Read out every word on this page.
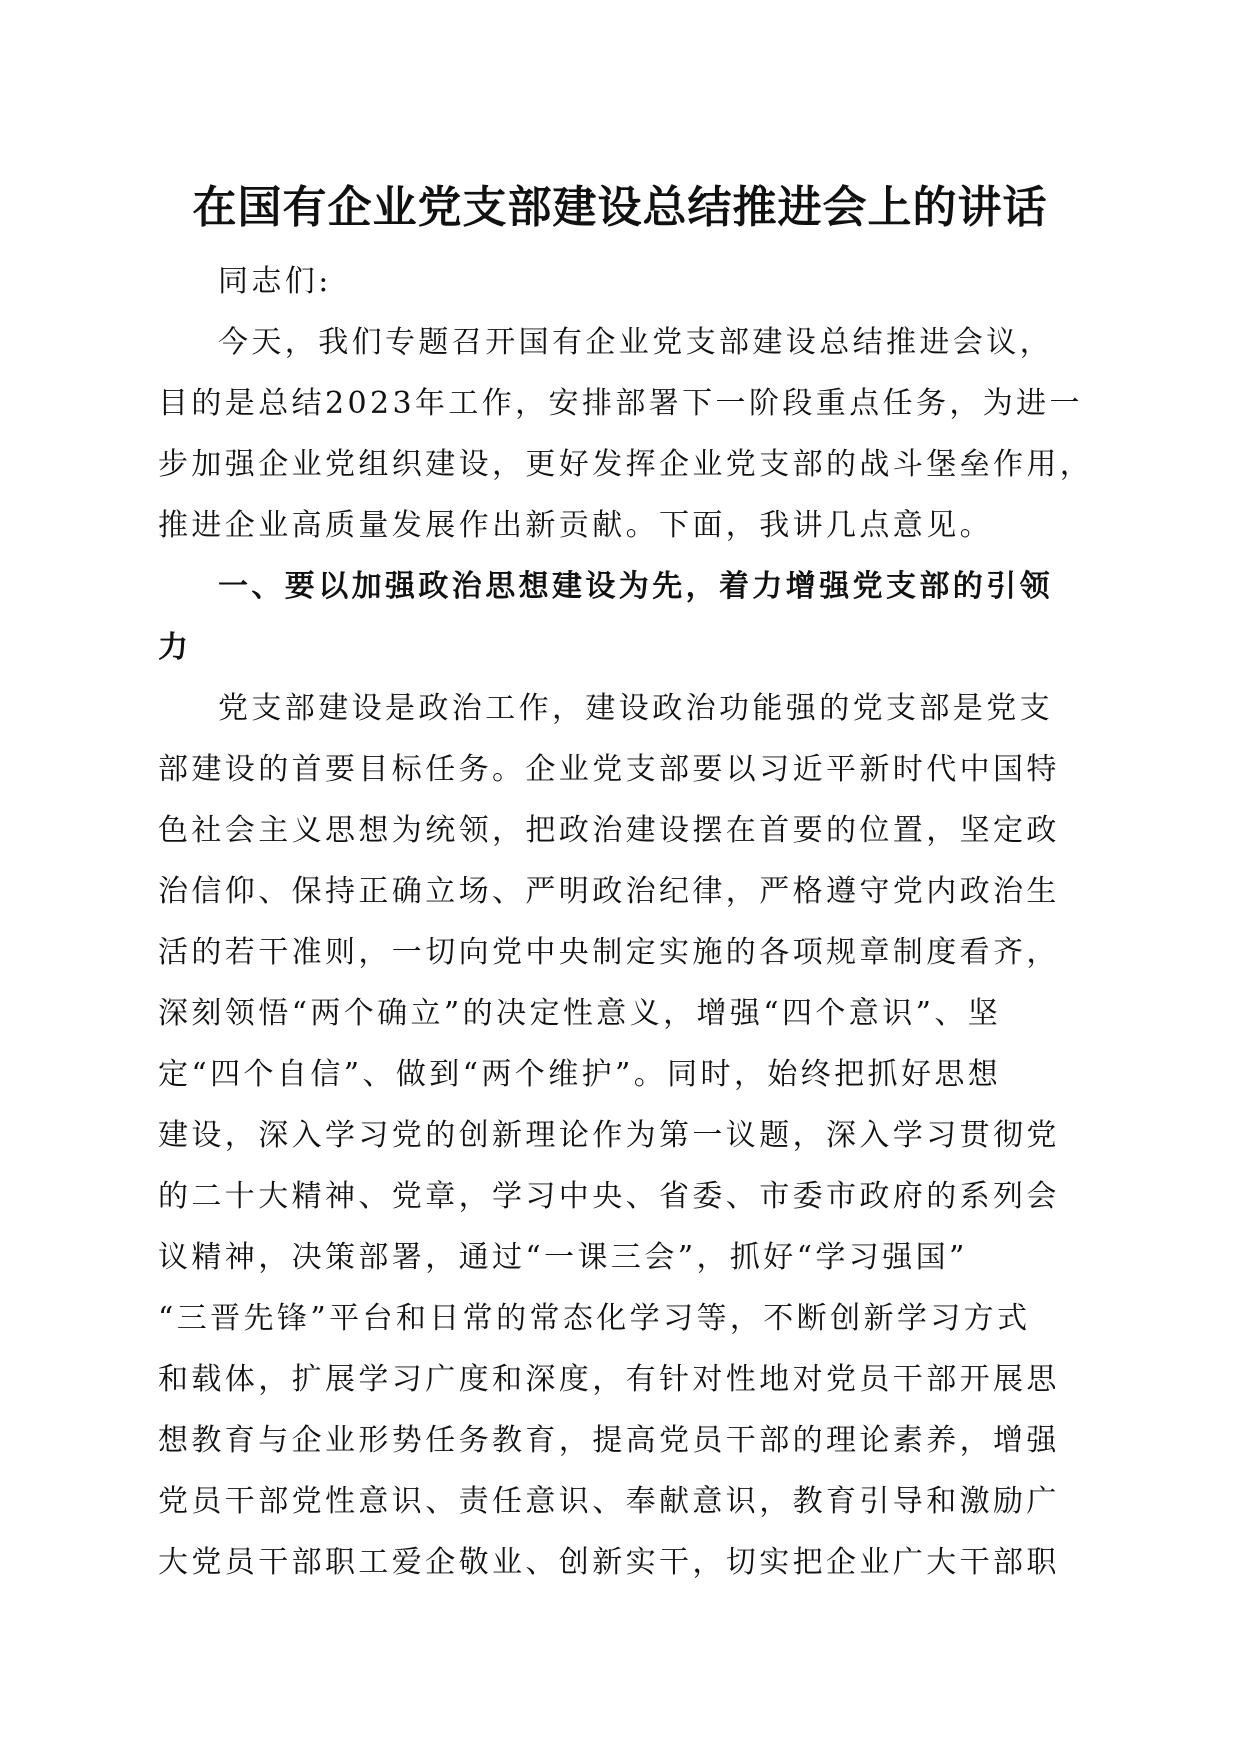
在国有企业党支部建设总结推进会上的讲话
同志们:
今天，我们专题召开国有企业党支部建设总结推进会议，
目的是总结2023年工作，安排部署下一阶段重点任务，为进一
步加强企业党组织建设，更好发挥企业党支部的战斗堡垒作用，
推进企业高质量发展作出新贡献。下面，我讲几点意见。
一、要以加强政治思想建设为先，着力增强党支部的引领
力
党支部建设是政治工作，建设政治功能强的党支部是党支
部建设的首要目标任务。企业党支部要以习近平新时代中国特
色社会主义思想为统领，把政治建设摆在首要的位置，坚定政
治信仰、保持正确立场、严明政治纪律，严格遵守党内政治生
活的若干准则，一切向党中央制定实施的各项规章制度看齐，
深刻领悟“两个确立”的决定性意义，增强“四个意识”、坚
定“四个自信”、做到“两个维护”。同时，始终把抓好思想
建设，深入学习党的创新理论作为第一议题，深入学习贯彻党
的二十大精神、党章，学习中央、省委、市委市政府的系列会
议精神，决策部署，通过“一课三会”，抓好“学习强国”
“三晋先锋”平台和日常的常态化学习等，不断创新学习方式
和载体，扩展学习广度和深度，有针对性地对党员干部开展思
想教育与企业形势任务教育，提高党员干部的理论素养，增强
党员干部党性意识、责任意识、奉献意识，教育引导和激励广
大党员干部职工爱企敬业、创新实干，切实把企业广大干部职
